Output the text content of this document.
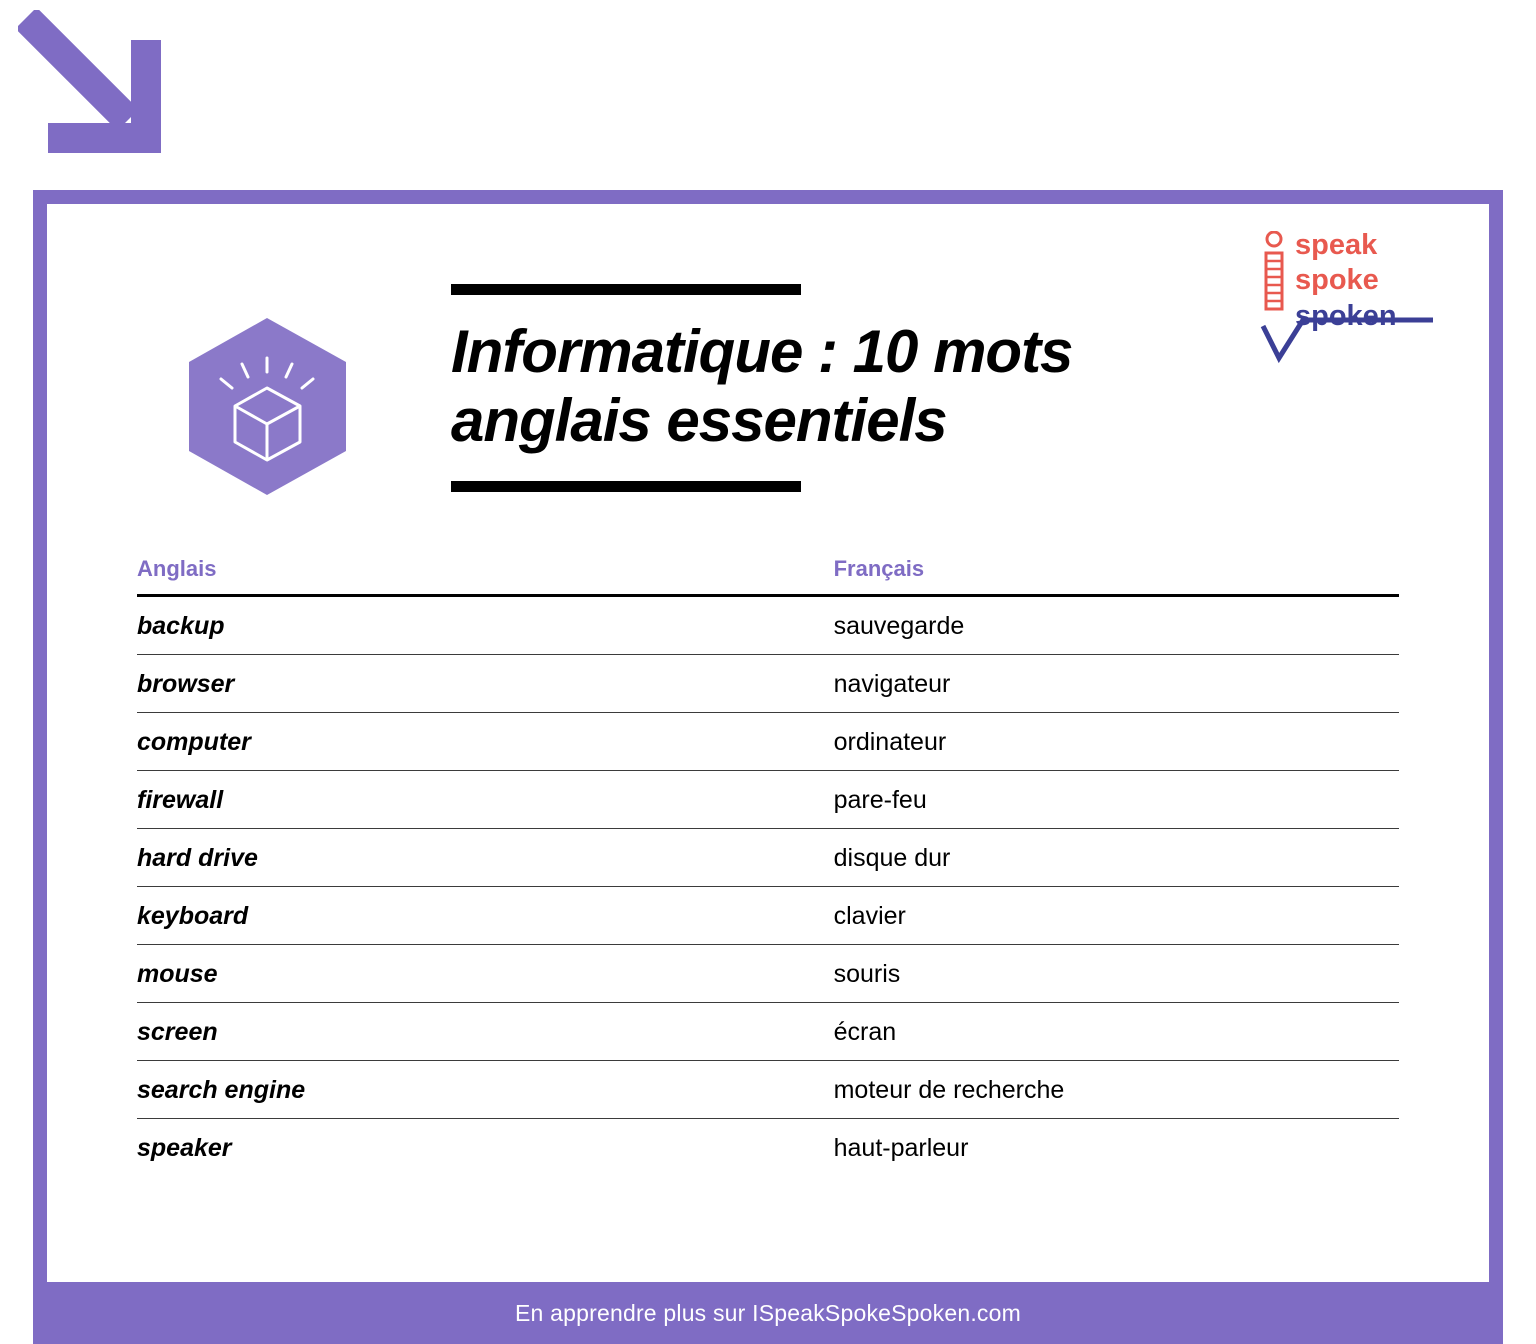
speak
spoke
spoken
Informatique : 10 mots anglais essentiels
Anglais	Français
backup	sauvegarde
browser	navigateur
computer	ordinateur
firewall	pare-feu
hard drive	disque dur
keyboard	clavier
mouse	souris
screen	écran
search engine	moteur de recherche
speaker	haut-parleur
En apprendre plus sur ISpeakSpokeSpoken.com
